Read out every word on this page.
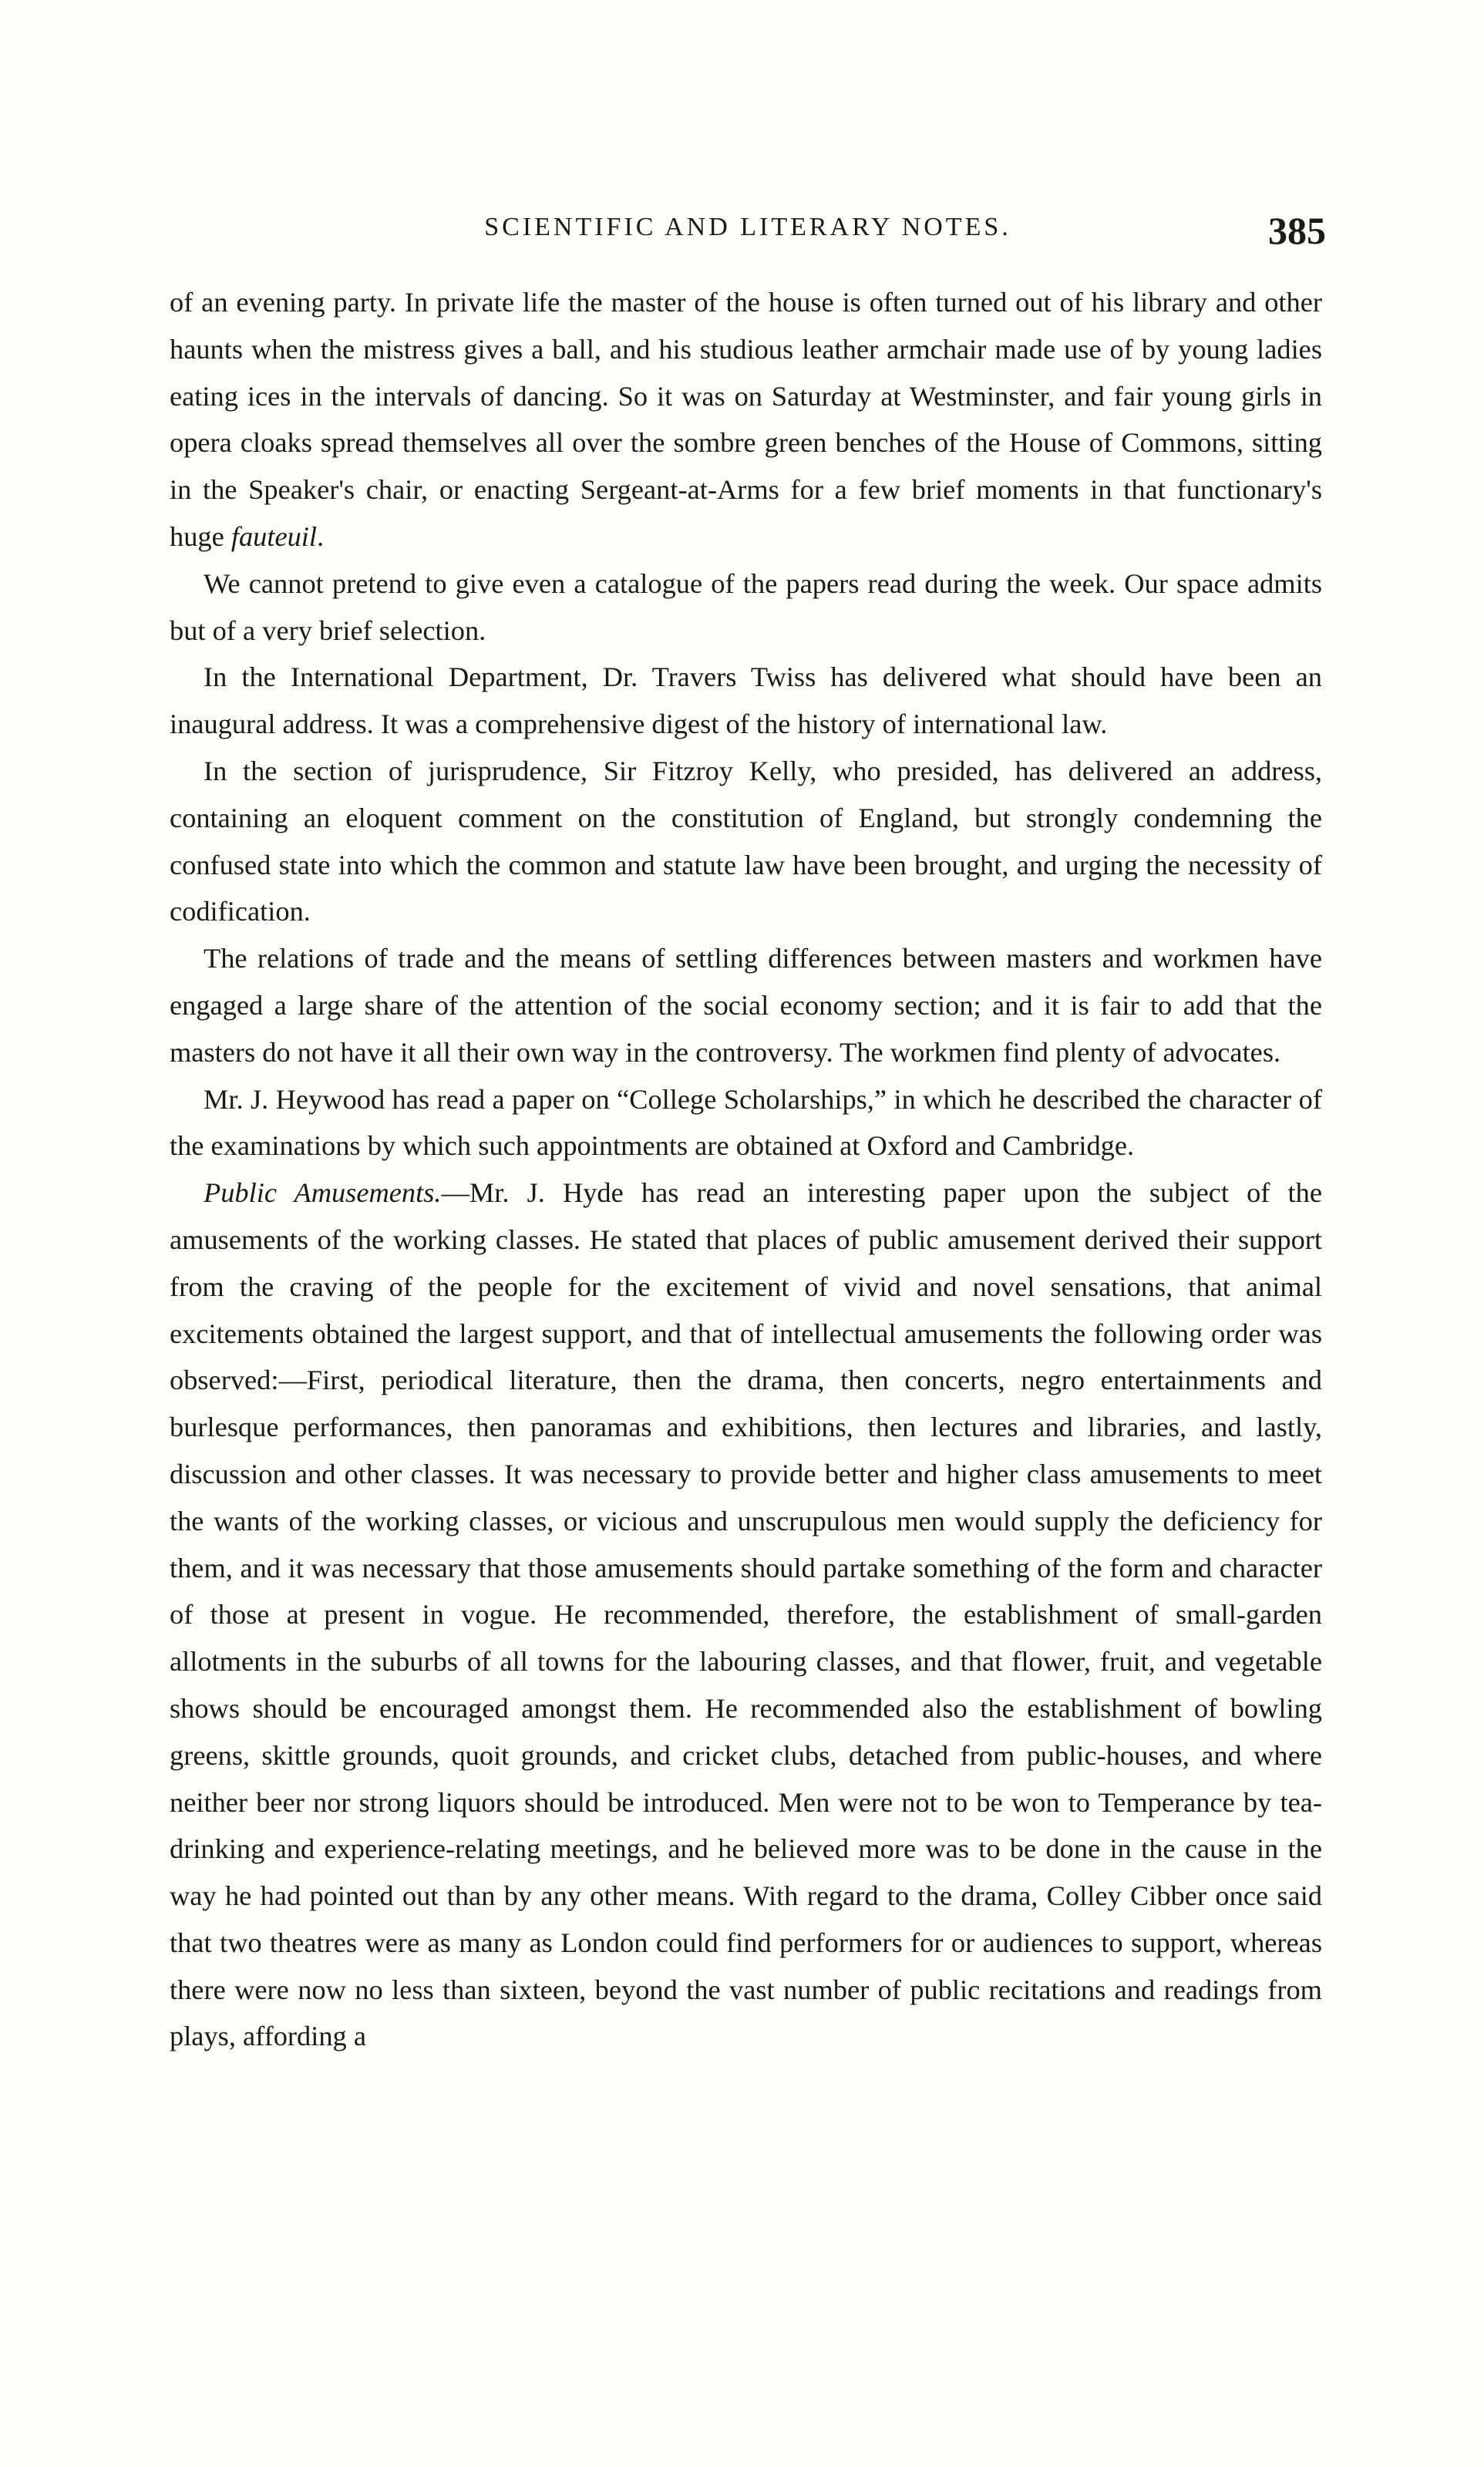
SCIENTIFIC AND LITERARY NOTES.	385

of an evening party. In private life the master of the house is often turned out of his library and other haunts when the mistress gives a ball, and his studious leather armchair made use of by young ladies eating ices in the intervals of dancing. So it was on Saturday at Westminster, and fair young girls in opera cloaks spread themselves all over the sombre green benches of the House of Commons, sitting in the Speaker's chair, or enacting Sergeant-at-Arms for a few brief moments in that functionary's huge fauteuil.

We cannot pretend to give even a catalogue of the papers read during the week. Our space admits but of a very brief selection.

In the International Department, Dr. Travers Twiss has delivered what should have been an inaugural address. It was a comprehensive digest of the history of international law.

In the section of jurisprudence, Sir Fitzroy Kelly, who presided, has delivered an address, containing an eloquent comment on the constitution of England, but strongly condemning the confused state into which the common and statute law have been brought, and urging the necessity of codification.

The relations of trade and the means of settling differences between masters and workmen have engaged a large share of the attention of the social economy section; and it is fair to add that the masters do not have it all their own way in the controversy. The workmen find plenty of advocates.

Mr. J. Heywood has read a paper on “College Scholarships,” in which he described the character of the examinations by which such appointments are obtained at Oxford and Cambridge.

Public Amusements.—Mr. J. Hyde has read an interesting paper upon the subject of the amusements of the working classes. He stated that places of public amusement derived their support from the craving of the people for the excitement of vivid and novel sensations, that animal excitements obtained the largest support, and that of intellectual amusements the following order was observed:—First, periodical literature, then the drama, then concerts, negro entertainments and burlesque performances, then panoramas and exhibitions, then lectures and libraries, and lastly, discussion and other classes. It was necessary to provide better and higher class amusements to meet the wants of the working classes, or vicious and unscrupulous men would supply the deficiency for them, and it was necessary that those amusements should partake something of the form and character of those at present in vogue. He recommended, therefore, the establishment of small-garden allotments in the suburbs of all towns for the labouring classes, and that flower, fruit, and vegetable shows should be encouraged amongst them. He recommended also the establishment of bowling greens, skittle grounds, quoit grounds, and cricket clubs, detached from public-houses, and where neither beer nor strong liquors should be introduced. Men were not to be won to Temperance by tea-drinking and experience-relating meetings, and he believed more was to be done in the cause in the way he had pointed out than by any other means. With regard to the drama, Colley Cibber once said that two theatres were as many as London could find performers for or audiences to support, whereas there were now no less than sixteen, beyond the vast number of public recitations and readings from plays, affording a
